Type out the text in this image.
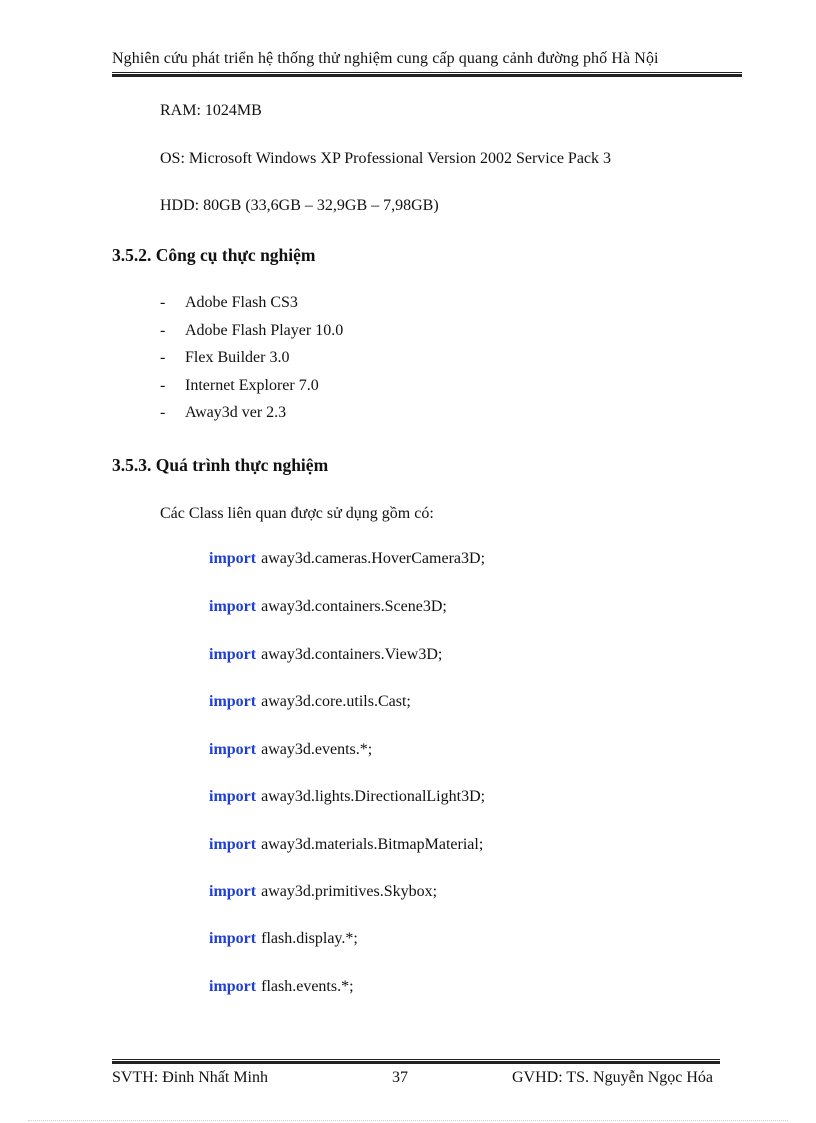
Nghiên cứu phát triển hệ thống thử nghiệm cung cấp quang cảnh đường phố Hà Nội
RAM: 1024MB
OS: Microsoft Windows XP Professional Version 2002 Service Pack 3
HDD: 80GB (33,6GB – 32,9GB – 7,98GB)
3.5.2. Công cụ thực nghiệm
- Adobe Flash CS3
- Adobe Flash Player 10.0
- Flex Builder 3.0
- Internet Explorer 7.0
- Away3d ver 2.3
3.5.3. Quá trình thực nghiệm
Các Class liên quan được sử dụng gồm có:
import away3d.cameras.HoverCamera3D;
import away3d.containers.Scene3D;
import away3d.containers.View3D;
import away3d.core.utils.Cast;
import away3d.events.*;
import away3d.lights.DirectionalLight3D;
import away3d.materials.BitmapMaterial;
import away3d.primitives.Skybox;
import flash.display.*;
import flash.events.*;
SVTH: Đinh Nhất Minh	37	GVHD: TS. Nguyễn Ngọc Hóa
